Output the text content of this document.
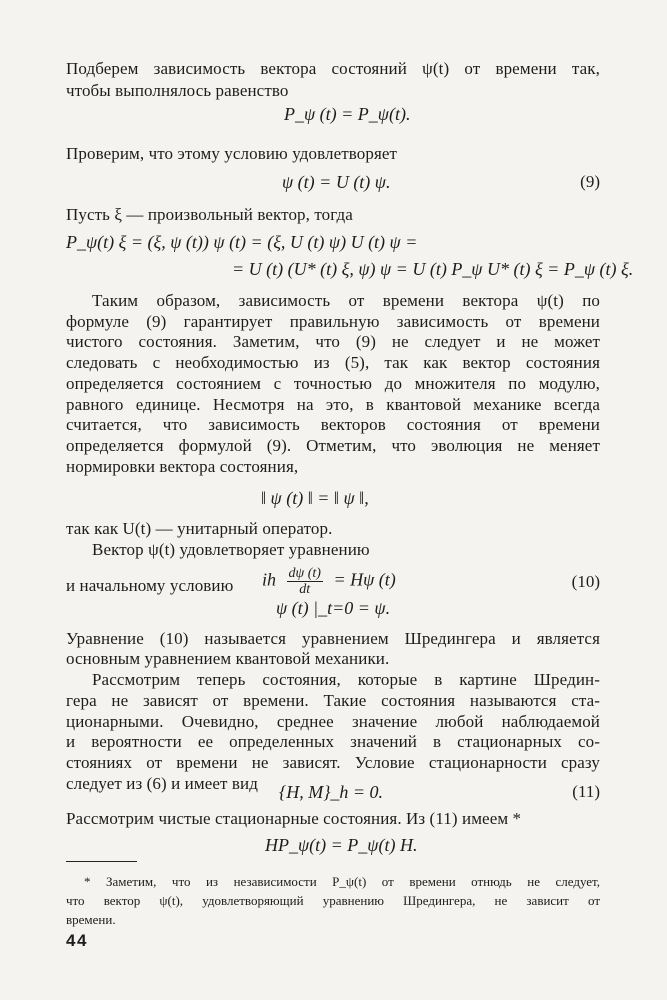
Подберем зависимость вектора состояний ψ(t) от времени так,
чтобы выполнялось равенство
P_ψ (t) = P_ψ(t).
Проверим, что этому условию удовлетворяет
ψ (t) = U (t) ψ.	(9)
Пусть ξ — произвольный вектор, тогда
P_ψ(t) ξ = (ξ, ψ (t)) ψ (t) = (ξ, U (t) ψ) U (t) ψ =
= U (t) (U* (t) ξ, ψ) ψ = U (t) P_ψ U* (t) ξ = P_ψ (t) ξ.
Таким образом, зависимость от времени вектора ψ(t) по
формуле (9) гарантирует правильную зависимость от времени
чистого состояния. Заметим, что (9) не следует и не может
следовать с необходимостью из (5), так как вектор состояния
определяется состоянием с точностью до множителя по модулю,
равного единице. Несмотря на это, в квантовой механике всегда
считается, что зависимость векторов состояния от времени
определяется формулой (9). Отметим, что эволюция не меняет
нормировки вектора состояния,
‖ ψ (t) ‖ = ‖ ψ ‖,
так как U(t) — унитарный оператор.
Вектор ψ(t) удовлетворяет уравнению
ih $\frac{d\psi (t)}{dt} = H\psi$ (t)	(10)
и начальному условию
ψ (t) |_t=0 = ψ.
Уравнение (10) называется уравнением Шредингера и является
основным уравнением квантовой механики.
Рассмотрим теперь состояния, которые в картине Шредин-
гера не зависят от времени. Такие состояния называются ста-
ционарными. Очевидно, среднее значение любой наблюдаемой
и вероятности ее определенных значений в стационарных со-
стояниях от времени не зависят. Условие стационарности сразу
следует из (6) и имеет вид	{H, M}_h = 0.	(11)
Рассмотрим чистые стационарные состояния. Из (11) имеем *
HP_ψ(t) = P_ψ(t) H.
* Заметим, что из независимости P_ψ(t) от времени отнюдь не следует,
что вектор ψ(t), удовлетворяющий уравнению Шредингера, не зависит от
времени.
44
